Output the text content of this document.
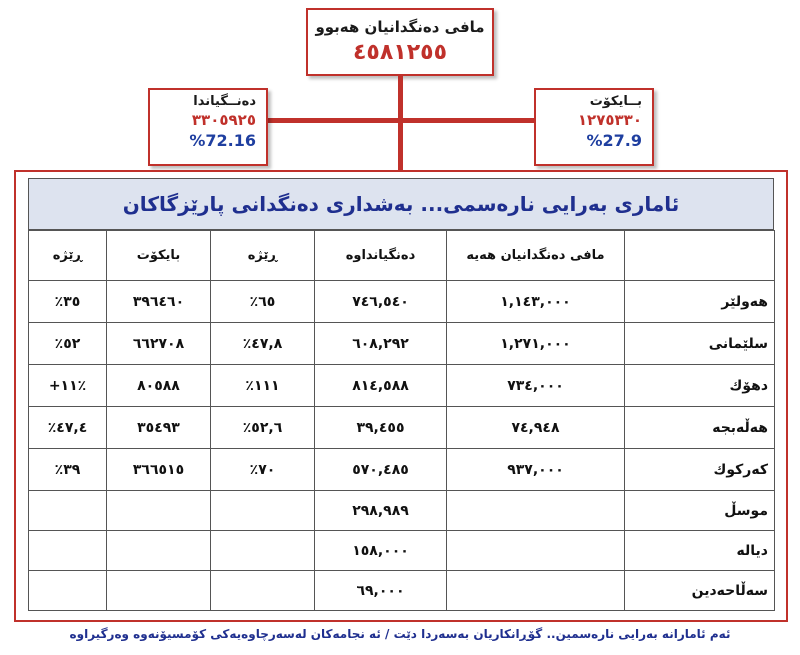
مافی دەنگدانیان هەبوو
٤٥٨١٢٥٥
دەنــگیاندا
٣٣٠٥٩٢٥
%72.16
بــایکۆت
١٢٧٥٣٣٠
%27.9
ئاماری بەرایی نارەسمی... بەشداری دەنگدانی پارێزگاکان
ڕێژە	بایکۆت	ڕێژە	دەنگیانداوە	مافی دەنگدانیان هەیە	
٪٣٥	٣٩٦٤٦٠	٪٦٥	٧٤٦,٥٤٠	١,١٤٣,٠٠٠	هەولێر
٪٥٢	٦٦٢٧٠٨	٪٤٧,٨	٦٠٨,٢٩٢	١,٢٧١,٠٠٠	سلێمانی
+١١٪	٨٠٥٨٨	٪١١١	٨١٤,٥٨٨	٧٣٤,٠٠٠	دهۆك
٪٤٧,٤	٣٥٤٩٣	٪٥٢,٦	٣٩,٤٥٥	٧٤,٩٤٨	هەڵەبجە
٪٣٩	٣٦٦٥١٥	٪٧٠	٥٧٠,٤٨٥	٩٣٧,٠٠٠	کەرکوك
			٢٩٨,٩٨٩		موسڵ
			١٥٨,٠٠٠		دیالە
			٦٩,٠٠٠		سەڵاحەدین
ئەم ئامارانە بەرایی نارەسمین.. گۆڕانکاریان بەسەردا دێت / ئە نجامەکان لەسەرچاوەیەکی کۆمسیۆنەوە وەرگیراوە
